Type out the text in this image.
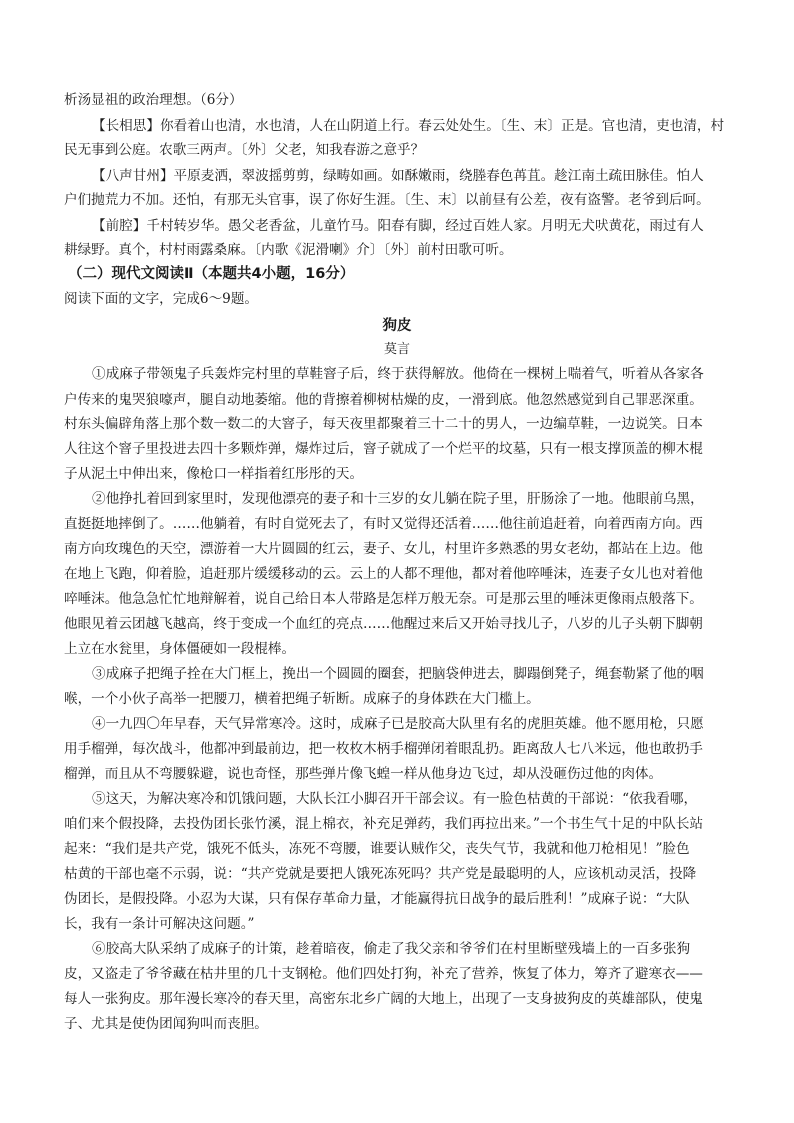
析汤显祖的政治理想。（6分）
【长相思】你看着山也清，水也清，人在山阴道上行。春云处处生。〔生、末〕正是。官也清，吏也清，村
民无事到公庭。农歌三两声。〔外〕父老，知我春游之意乎？
【八声甘州】平原麦洒，翠波摇剪剪，绿畴如画。如酥嫩雨，绕塍春色苒苴。趁江南土疏田脉佳。怕人
户们抛荒力不加。还怕，有那无头官事，误了你好生涯。〔生、末〕以前昼有公差，夜有盗警。老爷到后呵。
【前腔】千村转岁华。愚父老香盆，儿童竹马。阳春有脚，经过百姓人家。月明无犬吠黄花，雨过有人
耕绿野。真个，村村雨露桑麻。〔内歌《泥滑喇》介〕〔外〕前村田歌可听。
（二）现代文阅读Ⅱ（本题共4小题，16分）
阅读下面的文字，完成6～9题。
狗皮
莫言
①成麻子带领鬼子兵轰炸完村里的草鞋窨子后，终于获得解放。他倚在一棵树上喘着气，听着从各家各
户传来的鬼哭狼嚎声，腿自动地萎缩。他的背擦着柳树枯燥的皮，一滑到底。他忽然感觉到自己罪恶深重。
村东头偏辟角落上那个数一数二的大窨子，每天夜里都聚着三十二十的男人，一边编草鞋，一边说笑。日本
人往这个窨子里投进去四十多颗炸弹，爆炸过后，窨子就成了一个烂平的坟墓，只有一根支撑顶盖的柳木棍
子从泥土中伸出来，像枪口一样指着红彤彤的天。
②他挣扎着回到家里时，发现他漂亮的妻子和十三岁的女儿躺在院子里，肝肠涂了一地。他眼前乌黑，
直挺挺地摔倒了。……他躺着，有时自觉死去了，有时又觉得还活着……他往前追赶着，向着西南方向。西
南方向玫瑰色的天空，漂游着一大片圆圆的红云，妻子、女儿，村里许多熟悉的男女老幼，都站在上边。他
在地上飞跑，仰着脸，追赶那片缓缓移动的云。云上的人都不理他，都对着他啐唾沫，连妻子女儿也对着他
啐唾沫。他急急忙忙地辩解着，说自己给日本人带路是怎样万般无奈。可是那云里的唾沫更像雨点般落下。
他眼见着云团越飞越高，终于变成一个血红的亮点……他醒过来后又开始寻找儿子，八岁的儿子头朝下脚朝
上立在水瓮里，身体僵硬如一段棍棒。
③成麻子把绳子拴在大门框上，挽出一个圆圆的圈套，把脑袋伸进去，脚蹋倒凳子，绳套勒紧了他的咽
喉，一个小伙子高举一把腰刀，横着把绳子斩断。成麻子的身体跌在大门槛上。
④一九四〇年早春，天气异常寒冷。这时，成麻子已是胶高大队里有名的虎胆英雄。他不愿用枪，只愿
用手榴弹，每次战斗，他都冲到最前边，把一枚枚木柄手榴弹闭着眼乱扔。距离敌人七八米远，他也敢扔手
榴弹，而且从不弯腰躲避，说也奇怪，那些弹片像飞蝗一样从他身边飞过，却从没砸伤过他的肉体。
⑤这天，为解决寒冷和饥饿问题，大队长江小脚召开干部会议。有一脸色枯黄的干部说：“依我看哪，
咱们来个假投降，去投伪团长张竹溪，混上棉衣，补充足弹药，我们再拉出来。”一个书生气十足的中队长站
起来：“我们是共产党，饿死不低头，冻死不弯腰，谁要认贼作父，丧失气节，我就和他刀枪相见！”脸色
枯黄的干部也毫不示弱，说：“共产党就是要把人饿死冻死吗？共产党是最聪明的人，应该机动灵活，投降
伪团长，是假投降。小忍为大谋，只有保存革命力量，才能赢得抗日战争的最后胜利！”成麻子说：“大队
长，我有一条计可解决这问题。”
⑥胶高大队采纳了成麻子的计策，趁着暗夜，偷走了我父亲和爷爷们在村里断壁残墙上的一百多张狗
皮，又盗走了爷爷藏在枯井里的几十支钢枪。他们四处打狗，补充了营养，恢复了体力，筹齐了避寒衣——
每人一张狗皮。那年漫长寒冷的春天里，高密东北乡广阔的大地上，出现了一支身披狗皮的英雄部队，使鬼
子、尤其是使伪团闻狗叫而丧胆。
